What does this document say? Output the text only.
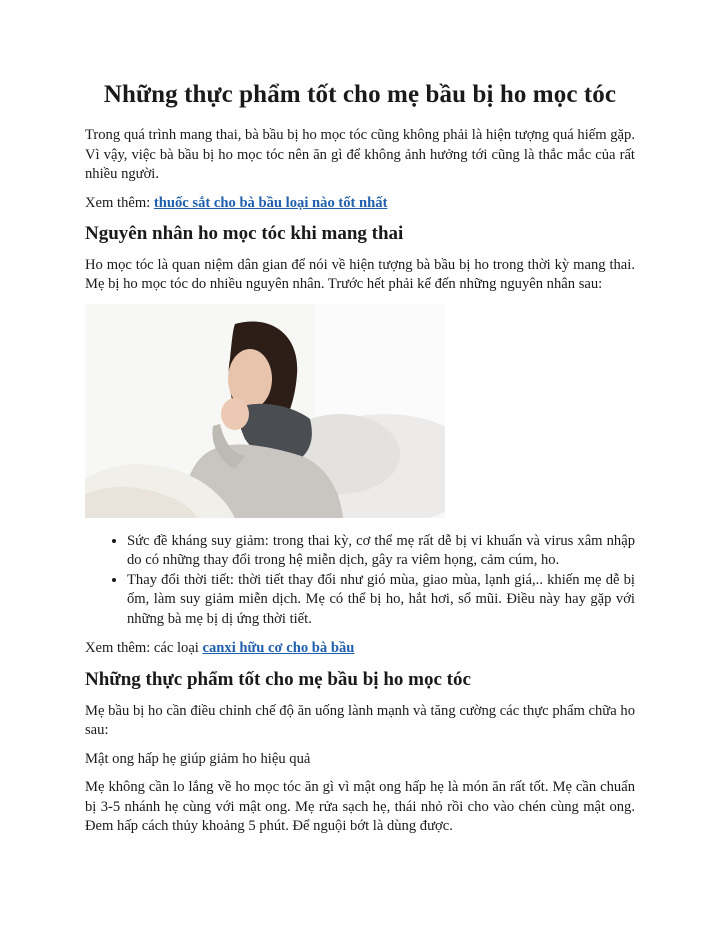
Những thực phẩm tốt cho mẹ bầu bị ho mọc tóc

Trong quá trình mang thai, bà bầu bị ho mọc tóc cũng không phải là hiện tượng quá hiếm gặp. Vì vậy, việc bà bầu bị ho mọc tóc nên ăn gì để không ảnh hưởng tới cũng là thắc mắc của rất nhiều người.

Xem thêm: thuốc sắt cho bà bầu loại nào tốt nhất

Nguyên nhân ho mọc tóc khi mang thai

Ho mọc tóc là quan niệm dân gian để nói về hiện tượng bà bầu bị ho trong thời kỳ mang thai. Mẹ bị ho mọc tóc do nhiều nguyên nhân. Trước hết phải kể đến những nguyên nhân sau:

• Sức đề kháng suy giảm: trong thai kỳ, cơ thể mẹ rất dễ bị vi khuẩn và virus xâm nhập do có những thay đổi trong hệ miễn dịch, gây ra viêm họng, cảm cúm, ho.
• Thay đổi thời tiết: thời tiết thay đổi như gió mùa, giao mùa, lạnh giá,.. khiến mẹ dễ bị ốm, làm suy giảm miễn dịch. Mẹ có thể bị ho, hắt hơi, sổ mũi. Điều này hay gặp với những bà mẹ bị dị ứng thời tiết.

Xem thêm: các loại canxi hữu cơ cho bà bầu

Những thực phẩm tốt cho mẹ bầu bị ho mọc tóc

Mẹ bầu bị ho cần điều chỉnh chế độ ăn uống lành mạnh và tăng cường các thực phẩm chữa ho sau:

Mật ong hấp hẹ giúp giảm ho hiệu quả

Mẹ không cần lo lắng về ho mọc tóc ăn gì vì mật ong hấp hẹ là món ăn rất tốt. Mẹ cần chuẩn bị 3-5 nhánh hẹ cùng với mật ong. Mẹ rửa sạch hẹ, thái nhỏ rồi cho vào chén cùng mật ong. Đem hấp cách thủy khoảng 5 phút. Để nguội bớt là dùng được.
